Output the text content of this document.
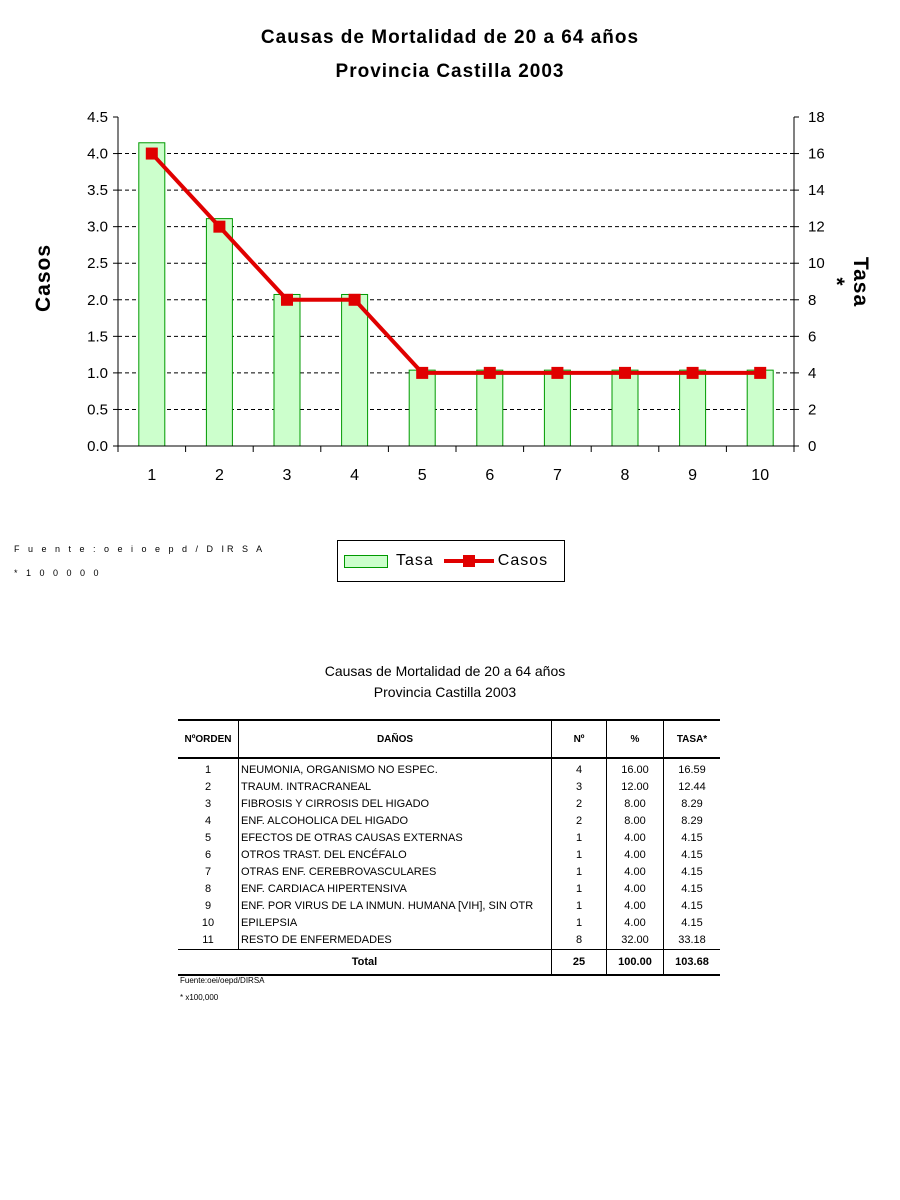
Causas de Mortalidad de 20 a 64 años
Provincia Castilla 2003
0.0
0.5
1.0
1.5
2.0
2.5
3.0
3.5
4.0
4.5
0
2
4
6
8
10
12
14
16
18
1	2	3	4	5	6	7	8	9	10
Casos	Tasa *
F u e n t e : o e i o e p d / D IR S A
* 1 0 0 0 0 0
Tasa	Casos
Causas de Mortalidad de 20 a 64 años
Provincia Castilla 2003
NºORDEN	DAÑOS	Nº	%	TASA*
1	NEUMONIA, ORGANISMO NO ESPEC.	4	16.00	16.59
2	TRAUM. INTRACRANEAL	3	12.00	12.44
3	FIBROSIS Y CIRROSIS DEL HIGADO	2	8.00	8.29
4	ENF. ALCOHOLICA DEL HIGADO	2	8.00	8.29
5	EFECTOS DE OTRAS CAUSAS EXTERNAS	1	4.00	4.15
6	OTROS TRAST. DEL ENCÉFALO	1	4.00	4.15
7	OTRAS ENF. CEREBROVASCULARES	1	4.00	4.15
8	ENF. CARDIACA HIPERTENSIVA	1	4.00	4.15
9	ENF. POR VIRUS DE LA INMUN. HUMANA [VIH], SIN OTR	1	4.00	4.15
10	EPILEPSIA	1	4.00	4.15
11	RESTO DE ENFERMEDADES	8	32.00	33.18
Total		25	100.00	103.68
Fuente:oei/oepd/DIRSA
* x100,000
